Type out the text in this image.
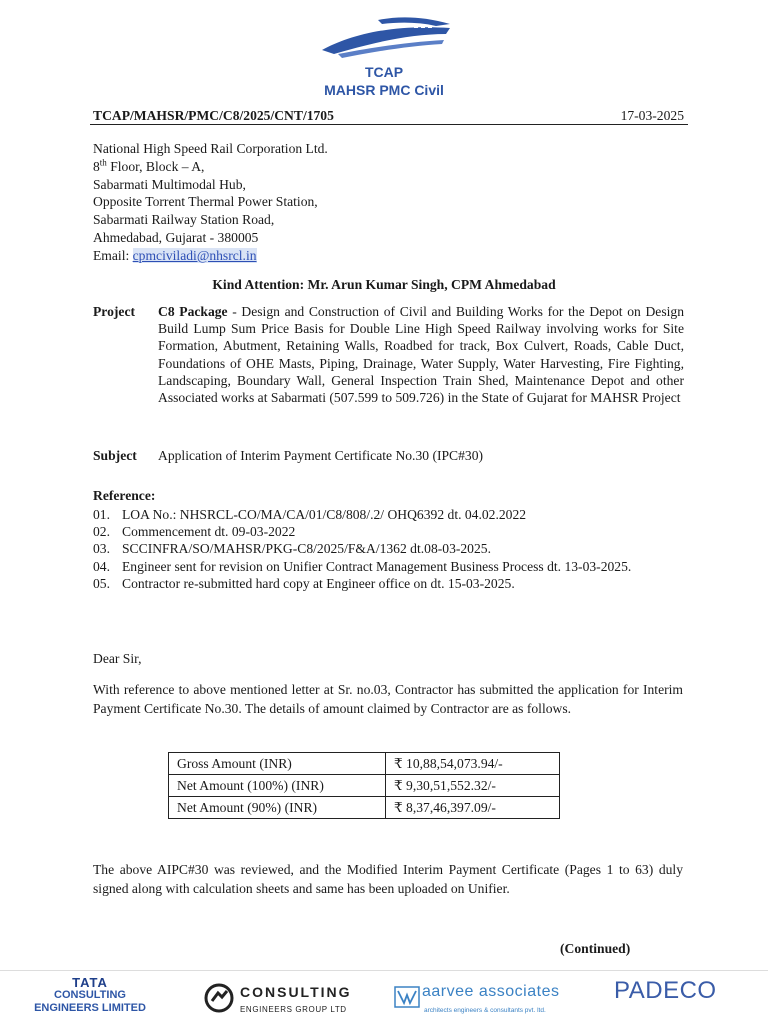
TCAP
MAHSR PMC Civil
TCAP/MAHSR/PMC/C8/2025/CNT/1705	17-03-2025
National High Speed Rail Corporation Ltd.
8th Floor, Block – A,
Sabarmati Multimodal Hub,
Opposite Torrent Thermal Power Station,
Sabarmati Railway Station Road,
Ahmedabad, Gujarat - 380005
Email: cpmciviladi@nhsrcl.in
Kind Attention: Mr. Arun Kumar Singh, CPM Ahmedabad
Project C8 Package - Design and Construction of Civil and Building Works for the Depot on Design Build Lump Sum Price Basis for Double Line High Speed Railway involving works for Site Formation, Abutment, Retaining Walls, Roadbed for track, Box Culvert, Roads, Cable Duct, Foundations of OHE Masts, Piping, Drainage, Water Supply, Water Harvesting, Fire Fighting, Landscaping, Boundary Wall, General Inspection Train Shed, Maintenance Depot and other Associated works at Sabarmati (507.599 to 509.726) in the State of Gujarat for MAHSR Project
Subject Application of Interim Payment Certificate No.30 (IPC#30)
Reference:
01. LOA No.: NHSRCL-CO/MA/CA/01/C8/808/.2/ OHQ6392 dt. 04.02.2022
02. Commencement dt. 09-03-2022
03. SCCINFRA/SO/MAHSR/PKG-C8/2025/F&A/1362 dt.08-03-2025.
04. Engineer sent for revision on Unifier Contract Management Business Process dt. 13-03-2025.
05. Contractor re-submitted hard copy at Engineer office on dt. 15-03-2025.
Dear Sir,
With reference to above mentioned letter at Sr. no.03, Contractor has submitted the application for Interim Payment Certificate No.30. The details of amount claimed by Contractor are as follows.
Gross Amount (INR)	₹ 10,88,54,073.94/-
Net Amount (100%) (INR)	₹ 9,30,51,552.32/-
Net Amount (90%) (INR)	₹ 8,37,46,397.09/-
The above AIPC#30 was reviewed, and the Modified Interim Payment Certificate (Pages 1 to 63) duly signed along with calculation sheets and same has been uploaded on Unifier.
(Continued)
TATA
CONSULTING
ENGINEERS LIMITED
CONSULTING
ENGINEERS GROUP LTD
aarvee associates
architects engineers & consultants pvt. ltd.
PADECO
